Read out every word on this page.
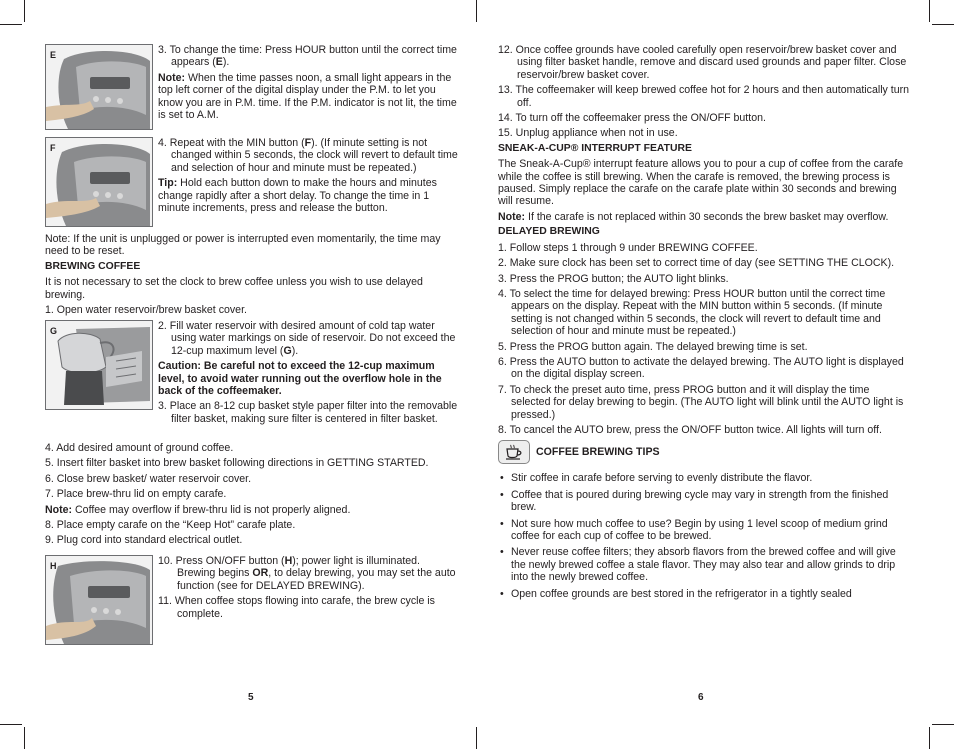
E	3. To change the time: Press HOUR button until the correct time appears (E).

Note: When the time passes noon, a small light appears in the top left corner of the digital display under the P.M. to let you know you are in P.M. time. If the P.M. indicator is not lit, the time is set to A.M.

F	4. Repeat with the MIN button (F). (If minute setting is not changed within 5 seconds, the clock will revert to default time and selection of hour and minute must be repeated.)

Tip: Hold each button down to make the hours and minutes change rapidly after a short delay. To change the time in 1 minute increments, press and release the button.

Note: If the unit is unplugged or power is interrupted even momentarily, the time may need to be reset.

BREWING COFFEE

It is not necessary to set the clock to brew coffee unless you wish to use delayed brewing.

1. Open water reservoir/brew basket cover.

G	2. Fill water reservoir with desired amount of cold tap water using water markings on side of reservoir. Do not exceed the 12-cup maximum level (G).

Caution: Be careful not to exceed the 12-cup maximum level, to avoid water running out the overflow hole in the back of the coffeemaker.

3. Place an 8-12 cup basket style paper filter into the removable filter basket, making sure filter is centered in filter basket.

4. Add desired amount of ground coffee.

5. Insert filter basket into brew basket following directions in GETTING STARTED.

6. Close brew basket/ water reservoir cover.

7. Place brew-thru lid on empty carafe.

Note: Coffee may overflow if brew-thru lid is not properly aligned.

8. Place empty carafe on the “Keep Hot” carafe plate.

9. Plug cord into standard electrical outlet.

H	10. Press ON/OFF button (H); power light is illuminated. Brewing begins OR, to delay brewing, you may set the auto function (see for DELAYED BREWING).

11. When coffee stops flowing into carafe, the brew cycle is complete.

5

12. Once coffee grounds have cooled carefully open reservoir/brew basket cover and using filter basket handle, remove and discard used grounds and paper filter. Close reservoir/brew basket cover.

13. The coffeemaker will keep brewed coffee hot for 2 hours and then automatically turn off.

14. To turn off the coffeemaker press the ON/OFF button.

15. Unplug appliance when not in use.

SNEAK-A-CUP® INTERRUPT FEATURE

The Sneak-A-Cup® interrupt feature allows you to pour a cup of coffee from the carafe while the coffee is still brewing. When the carafe is removed, the brewing process is paused. Simply replace the carafe on the carafe plate within 30 seconds and brewing will resume.

Note: If the carafe is not replaced within 30 seconds the brew basket may overflow.

DELAYED BREWING

1. Follow steps 1 through 9 under BREWING COFFEE.

2. Make sure clock has been set to correct time of day (see SETTING THE CLOCK).

3. Press the PROG button; the AUTO light blinks.

4. To select the time for delayed brewing: Press HOUR button until the correct time appears on the display. Repeat with the MIN button within 5 seconds. (If minute setting is not changed within 5 seconds, the clock will revert to default time and selection of hour and minute must be repeated.)

5. Press the PROG button again. The delayed brewing time is set.

6. Press the AUTO button to activate the delayed brewing. The AUTO light is displayed on the digital display screen.

7. To check the preset auto time, press PROG button and it will display the time selected for delay brewing to begin. (The AUTO light will blink until the AUTO light is pressed.)

8. To cancel the AUTO brew, press the ON/OFF button twice. All lights will turn off.

COFFEE BREWING TIPS

• Stir coffee in carafe before serving to evenly distribute the flavor.

• Coffee that is poured during brewing cycle may vary in strength from the finished brew.

• Not sure how much coffee to use? Begin by using 1 level scoop of medium grind coffee for each cup of coffee to be brewed.

• Never reuse coffee filters; they absorb flavors from the brewed coffee and will give the newly brewed coffee a stale flavor. They may also tear and allow grinds to drip into the newly brewed coffee.

• Open coffee grounds are best stored in the refrigerator in a tightly sealed

6
